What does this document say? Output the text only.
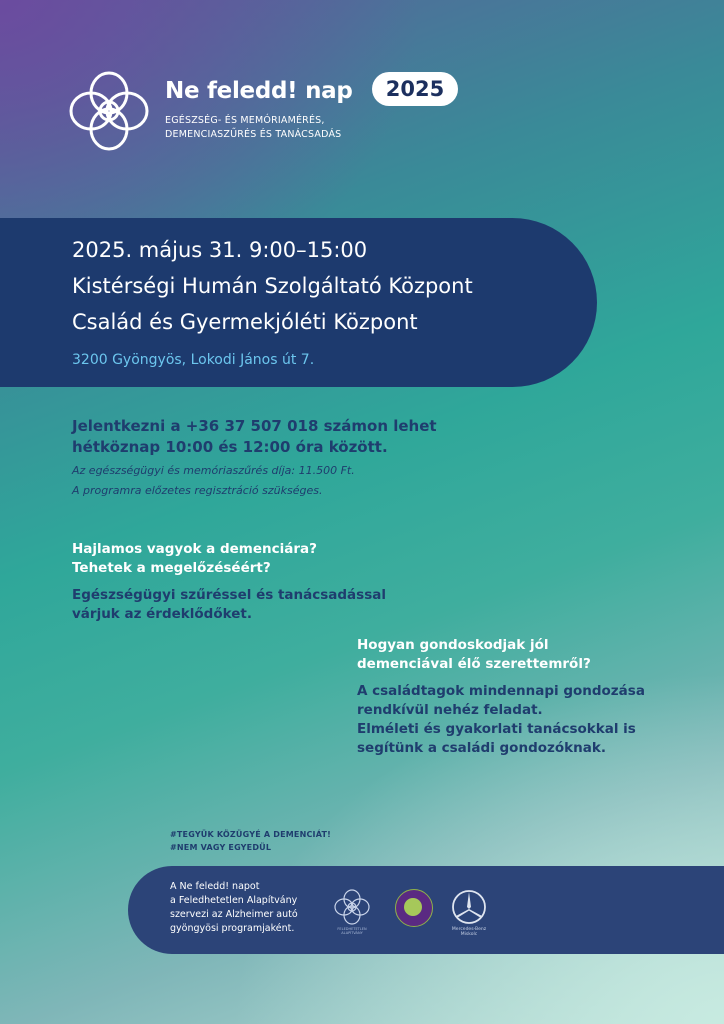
Ne feledd! nap	2025
EGÉSZSÉG- ÉS MEMÓRIAMÉRÉS,
DEMENCIASZŰRÉS ÉS TANÁCSADÁS
2025. május 31. 9:00–15:00
Kistérségi Humán Szolgáltató Központ
Család és Gyermekjóléti Központ
3200 Gyöngyös, Lokodi János út 7.
Jelentkezni a +36 37 507 018 számon lehet
hétköznap 10:00 és 12:00 óra között.
Az egészségügyi és memóriaszűrés díja: 11.500 Ft.
A programra előzetes regisztráció szükséges.
Hajlamos vagyok a demenciára?
Tehetek a megelőzéséért?
Egészségügyi szűréssel és tanácsadással
várjuk az érdeklődőket.
Hogyan gondoskodjak jól
demenciával élő szerettemről?
A családtagok mindennapi gondozása
rendkívül nehéz feladat.
Elméleti és gyakorlati tanácsokkal is
segítünk a családi gondozóknak.
#TEGYÜK KÖZÜGYÉ A DEMENCIÁT!
#NEM VAGY EGYEDÜL
A Ne feledd! napot
a Feledhetetlen Alapítvány
szervezi az Alzheimer autó
gyöngyösi programjaként.	FELEDHETETLEN
ALAPÍTVÁNY
Mercedes-Benz
Miskolc
